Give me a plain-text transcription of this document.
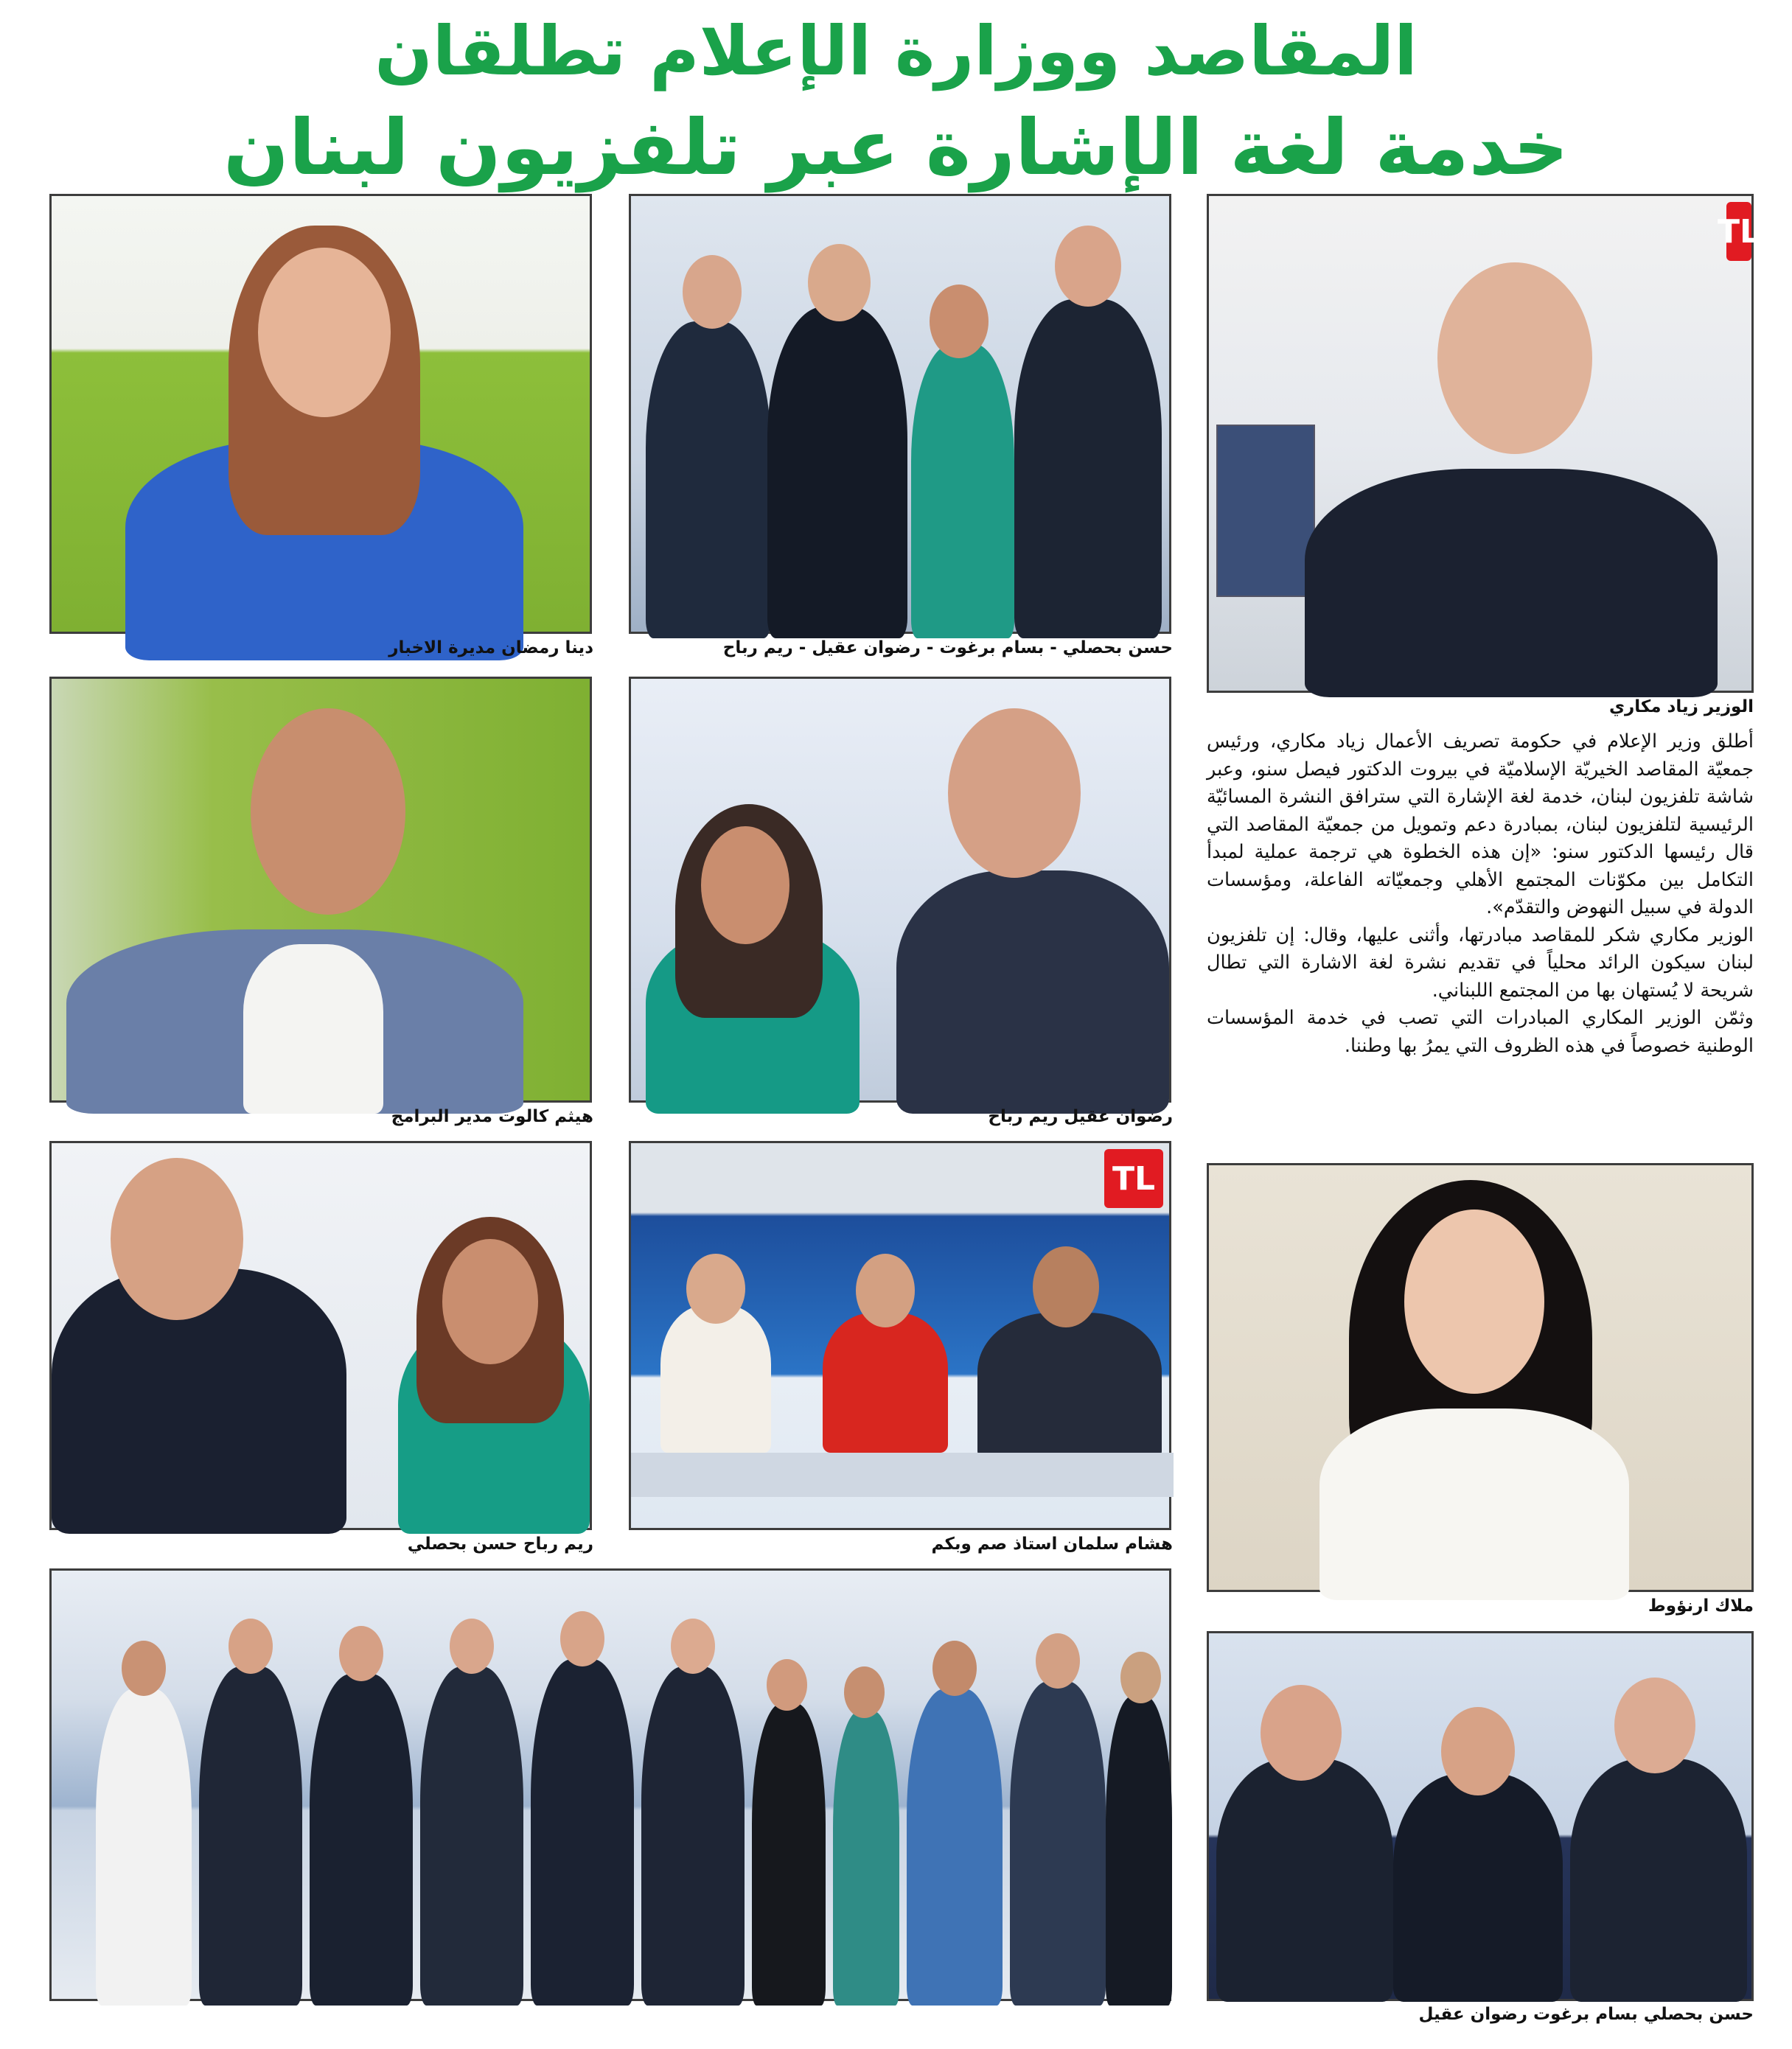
المقاصد ووزارة الإعلام تطلقان
خدمة لغة الإشارة عبر تلفزيون لبنان
دينا رمضان مديرة الاخبار	حسن بحصلي - بسام برغوت - رضوان عقيل - ريم رباح
TL
الوزير زياد مكاري

أطلق وزير الإعلام في حكومة تصريف الأعمال زياد مكاري، ورئيس جمعيّة المقاصد الخيريّة الإسلاميّة في بيروت الدكتور فيصل سنو، وعبر شاشة تلفزيون لبنان، خدمة لغة الإشارة التي سترافق النشرة المسائيّة الرئيسية لتلفزيون لبنان، بمبادرة دعم وتمويل من جمعيّة المقاصد التي قال رئيسها الدكتور سنو: «إن هذه الخطوة هي ترجمة عملية لمبدأ التكامل بين مكوّنات المجتمع الأهلي وجمعيّاته الفاعلة، ومؤسسات الدولة في سبيل النهوض والتقدّم».

الوزير مكاري شكر للمقاصد مبادرتها، وأثنى عليها، وقال: إن تلفزيون لبنان سيكون الرائد محلياً في تقديم نشرة لغة الاشارة التي تطال شريحة لا يُستهان بها من المجتمع اللبناني.

وثمّن الوزير المكاري المبادرات التي تصب في خدمة المؤسسات الوطنية خصوصاً في هذه الظروف التي يمرُ بها وطننا.

هيثم كالوت مدير البرامج	رضوان عقيل ريم رباح
ريم رباح حسن بحصلي
TL
هشام سلمان استاذ صم وبكم
ملاك ارنؤوط
حسن بحصلي بسام برغوت رضوان عقيل
